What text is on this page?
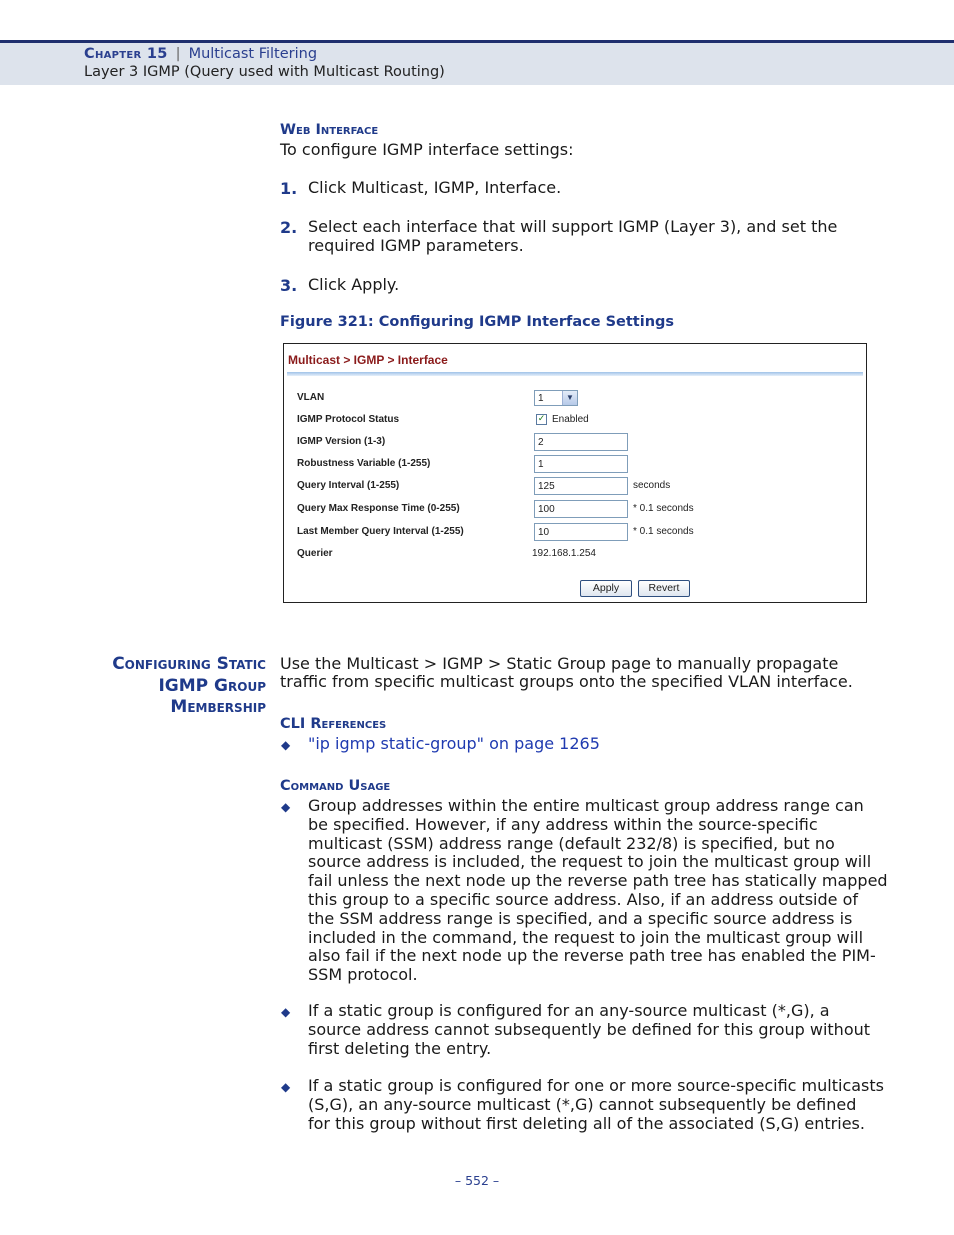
Chapter 15 | Multicast Filtering
Layer 3 IGMP (Query used with Multicast Routing)
Web Interface
To configure IGMP interface settings:
1. Click Multicast, IGMP, Interface.
2. Select each interface that will support IGMP (Layer 3), and set the
required IGMP parameters.
3. Click Apply.
Figure 321: Configuring IGMP Interface Settings
Multicast > IGMP > Interface
VLAN	1	▼
IGMP Protocol Status	✓ Enabled
IGMP Version (1-3)	2
Robustness Variable (1-255)	1
Query Interval (1-255)	125	seconds
Query Max Response Time (0-255)	100	* 0.1 seconds
Last Member Query Interval (1-255)	10	* 0.1 seconds
Querier	192.168.1.254
Apply	Revert
Configuring Static
IGMP Group
Membership
Use the Multicast > IGMP > Static Group page to manually propagate
traffic from specific multicast groups onto the specified VLAN interface.
CLI References
◆ "ip igmp static-group" on page 1265
Command Usage
◆ Group addresses within the entire multicast group address range can
be specified. However, if any address within the source-specific
multicast (SSM) address range (default 232/8) is specified, but no
source address is included, the request to join the multicast group will
fail unless the next node up the reverse path tree has statically mapped
this group to a specific source address. Also, if an address outside of
the SSM address range is specified, and a specific source address is
included in the command, the request to join the multicast group will
also fail if the next node up the reverse path tree has enabled the PIM-
SSM protocol.
◆ If a static group is configured for an any-source multicast (*,G), a
source address cannot subsequently be defined for this group without
first deleting the entry.
◆ If a static group is configured for one or more source-specific multicasts
(S,G), an any-source multicast (*,G) cannot subsequently be defined
for this group without first deleting all of the associated (S,G) entries.
– 552 –
